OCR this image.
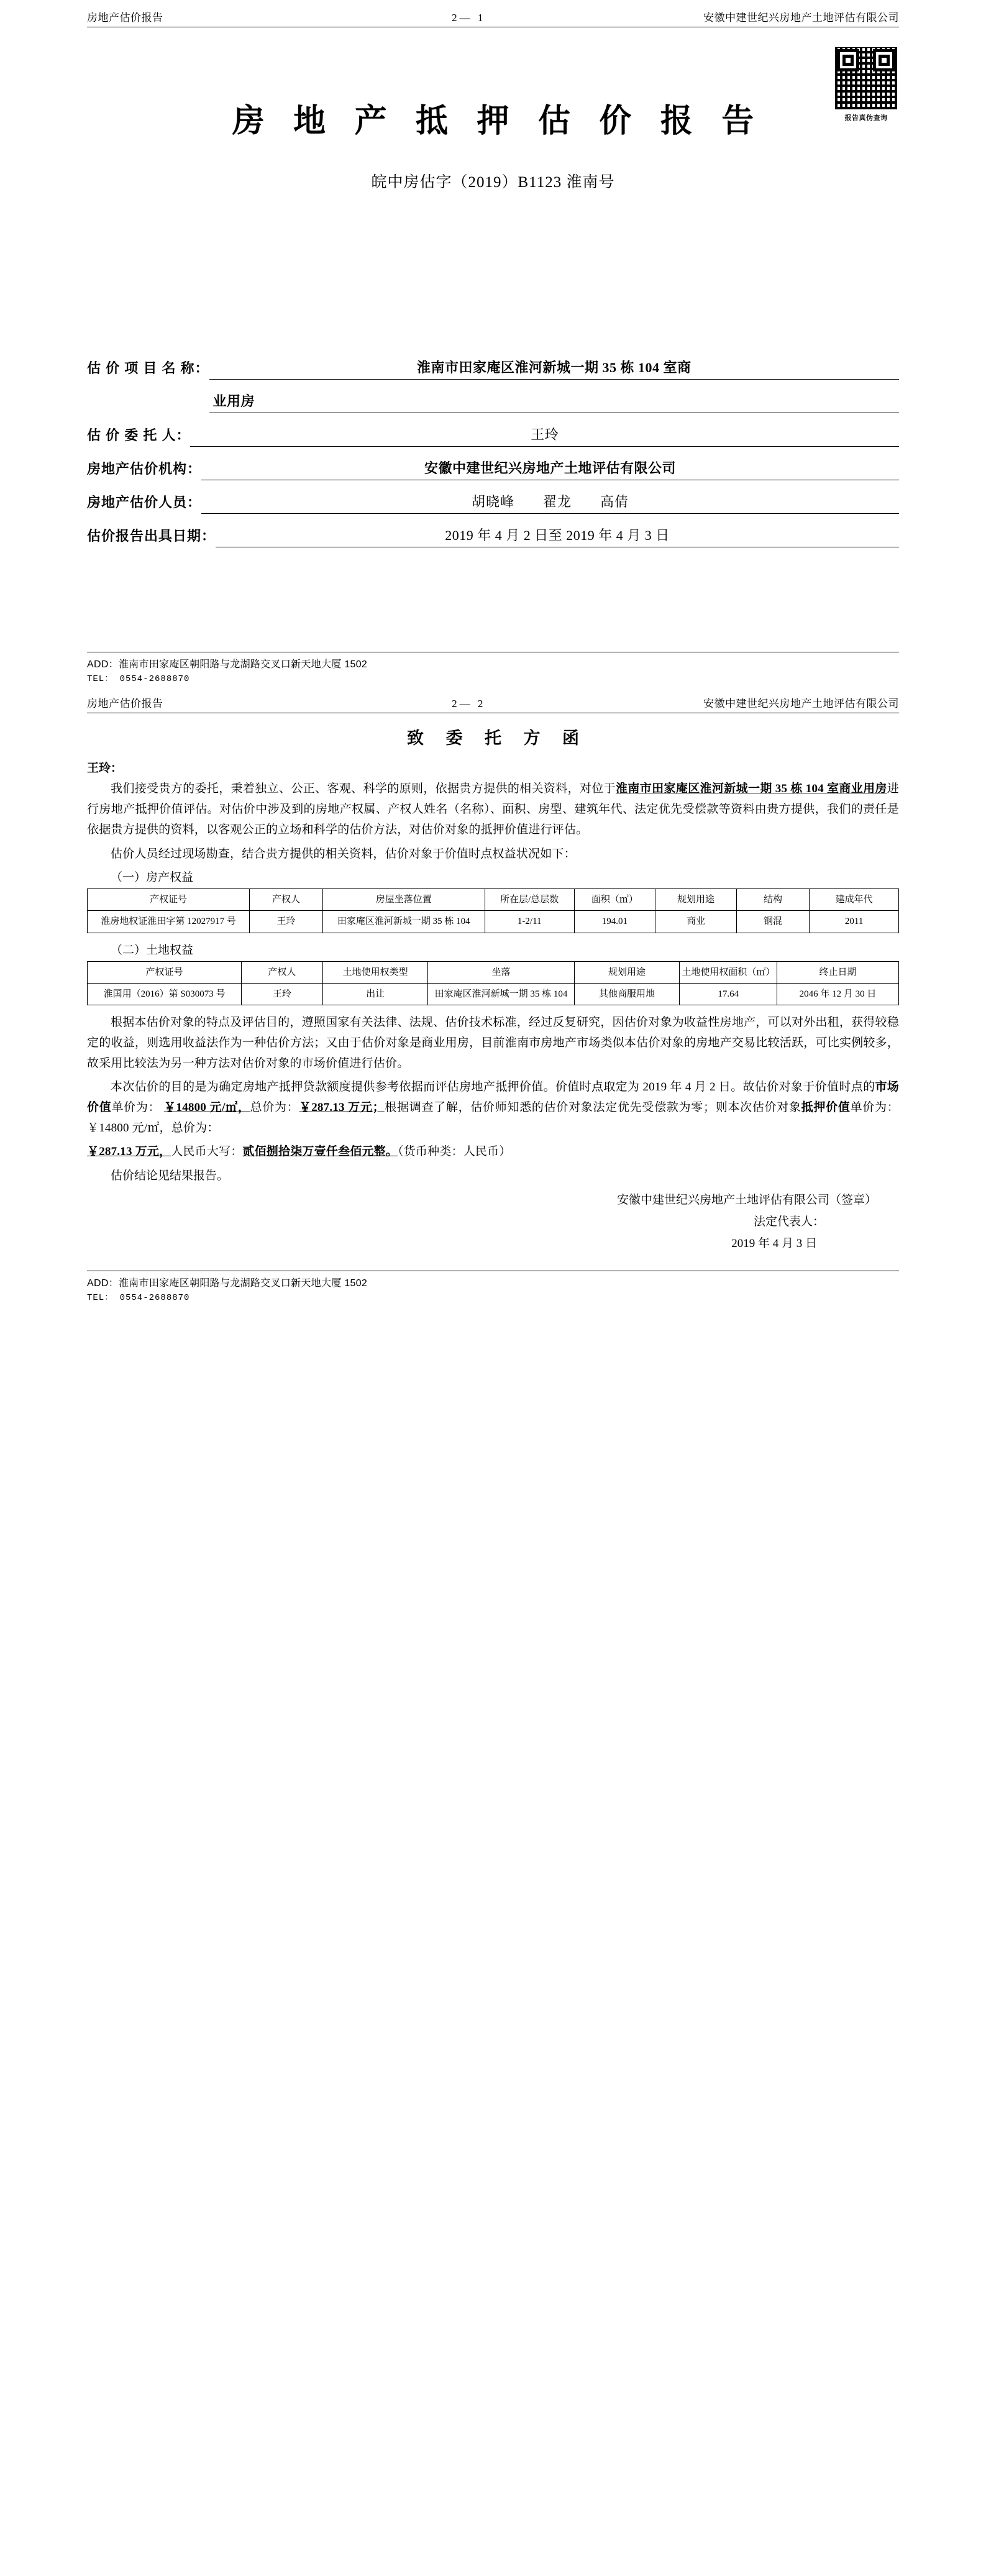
房地产估价报告	2— 1	安徽中建世纪兴房地产土地评估有限公司
报告真伪查询
房 地 产 抵 押 估 价 报 告
皖中房估字（2019）B1123 淮南号
估 价 项 目 名 称：	淮南市田家庵区淮河新城一期 35 栋 104 室商
业用房
估 价 委 托 人：	王玲
房地产估价机构：	安徽中建世纪兴房地产土地评估有限公司
房地产估价人员：	胡晓峰　　翟龙　　高倩
估价报告出具日期：	2019 年 4 月 2 日至 2019 年 4 月 3 日
ADD：淮南市田家庵区朝阳路与龙湖路交叉口新天地大厦 1502
TEL： 0554-2688870
房地产估价报告	2— 2	安徽中建世纪兴房地产土地评估有限公司
致 委 托 方 函
王玲：

我们接受贵方的委托，秉着独立、公正、客观、科学的原则，依据贵方提供的相关资料，对位于淮南市田家庵区淮河新城一期 35 栋 104 室商业用房进行房地产抵押价值评估。对估价中涉及到的房地产权属、产权人姓名（名称）、面积、房型、建筑年代、法定优先受偿款等资料由贵方提供，我们的责任是依据贵方提供的资料，以客观公正的立场和科学的估价方法，对估价对象的抵押价值进行评估。

估价人员经过现场勘查，结合贵方提供的相关资料，估价对象于价值时点权益状况如下：

（一）房产权益
产权证号	产权人	房屋坐落位置	所在层/总层数	面积（㎡）	规划用途	结构	建成年代
淮房地权证淮田字第 12027917 号	王玲	田家庵区淮河新城一期 35 栋 104	1-2/11	194.01	商业	钢混	2011
（二）土地权益
产权证号	产权人	土地使用权类型	坐落	规划用途	土地使用权面积（㎡）	终止日期
淮国用（2016）第 S030073 号	王玲	出让	田家庵区淮河新城一期 35 栋 104	其他商服用地	17.64	2046 年 12 月 30 日

根据本估价对象的特点及评估目的，遵照国家有关法律、法规、估价技术标准，经过反复研究，因估价对象为收益性房地产，可以对外出租，获得较稳定的收益，则选用收益法作为一种估价方法；又由于估价对象是商业用房，目前淮南市房地产市场类似本估价对象的房地产交易比较活跃，可比实例较多，故采用比较法为另一种方法对估价对象的市场价值进行估价。

本次估价的目的是为确定房地产抵押贷款额度提供参考依据而评估房地产抵押价值。价值时点取定为 2019 年 4 月 2 日。故估价对象于价值时点的市场价值单价为： ￥14800 元/㎡，总价为：￥287.13 万元；根据调查了解，估价师知悉的估价对象法定优先受偿款为零；则本次估价对象抵押价值单价为：￥14800 元/㎡，总价为：

￥287.13 万元，人民币大写：贰佰捌拾柒万壹仟叁佰元整。（货币种类：人民币）

估价结论见结果报告。
安徽中建世纪兴房地产土地评估有限公司（签章）
法定代表人：
2019 年 4 月 3 日
ADD：淮南市田家庵区朝阳路与龙湖路交叉口新天地大厦 1502
TEL： 0554-2688870
